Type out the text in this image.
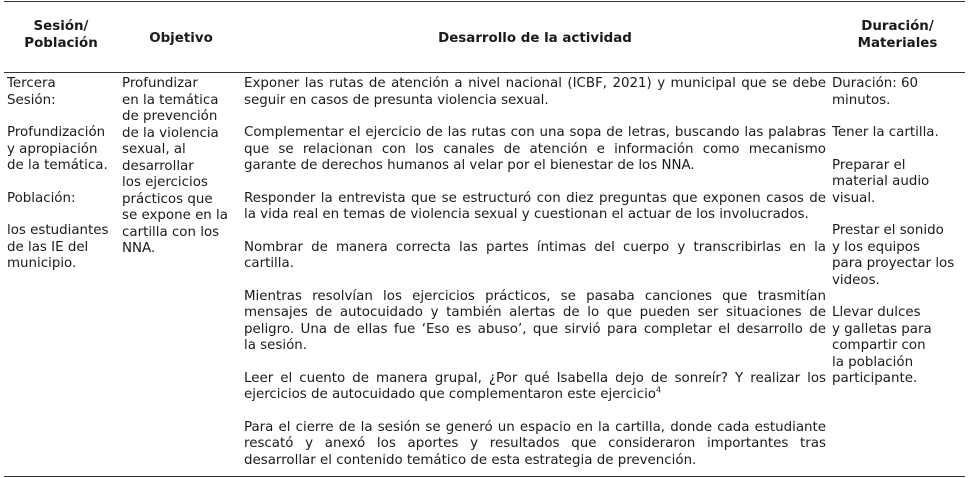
Sesión/
Población	Objetivo	Desarrollo de la actividad
Duración/
Materiales
Tercera
Sesión:
Profundización
y apropiación
de la temática.
Población:
los estudiantes
de las IE del
municipio.
Profundizar
en la temática
de prevención
de la violencia
sexual, al
desarrollar
los ejercicios
prácticos que
se expone en la
cartilla con los
NNA.
Exponer las rutas de atención a nivel nacional (ICBF, 2021) y municipal que se debe
seguir en casos de presunta violencia sexual.
Complementar el ejercicio de las rutas con una sopa de letras, buscando las palabras
que se relacionan con los canales de atención e información como mecanismo
garante de derechos humanos al velar por el bienestar de los NNA.
Responder la entrevista que se estructuró con diez preguntas que exponen casos de
la vida real en temas de violencia sexual y cuestionan el actuar de los involucrados.
Nombrar de manera correcta las partes íntimas del cuerpo y transcribirlas en la
cartilla.
Mientras resolvían los ejercicios prácticos, se pasaba canciones que trasmitían
mensajes de autocuidado y también alertas de lo que pueden ser situaciones de
peligro. Una de ellas fue ‘Eso es abuso’, que sirvió para completar el desarrollo de
la sesión.
Leer el cuento de manera grupal, ¿Por qué Isabella dejo de sonreír? Y realizar los
ejercicios de autocuidado que complementaron este ejercicio$^4$
Para el cierre de la sesión se generó un espacio en la cartilla, donde cada estudiante
rescató y anexó los aportes y resultados que consideraron importantes tras
desarrollar el contenido temático de esta estrategia de prevención.
Duración: 60
minutos.
Tener la cartilla.
Preparar el
material audio
visual.
Prestar el sonido
y los equipos
para proyectar los
videos.
Llevar dulces
y galletas para
compartir con
la población
participante.
